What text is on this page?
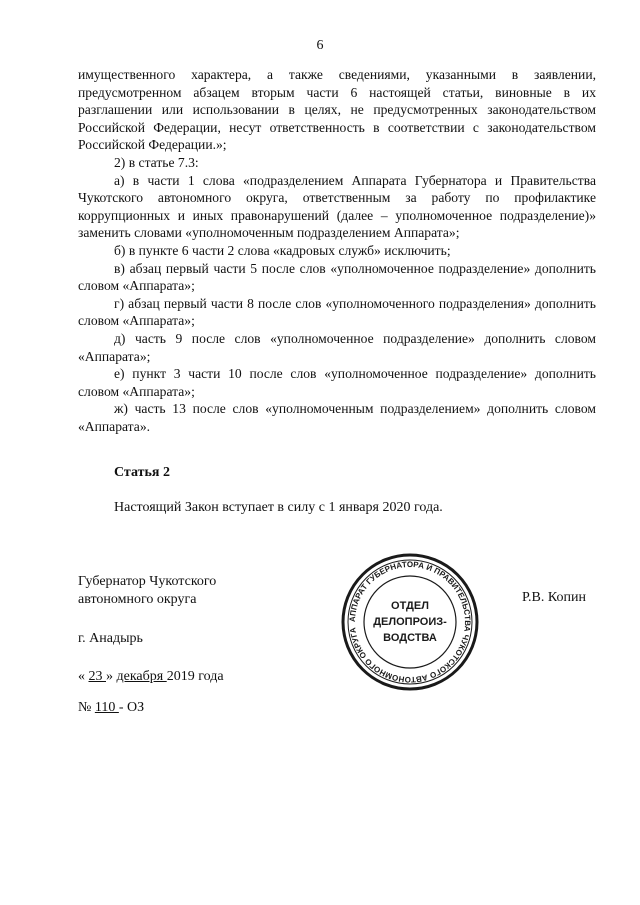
6

имущественного характера, а также сведениями, указанными в заявлении, предусмотренном абзацем вторым части 6 настоящей статьи, виновные в их разглашении или использовании в целях, не предусмотренных законодательством Российской Федерации, несут ответственность в соответствии с законодательством Российской Федерации.»;

2) в статье 7.3:

а) в части 1 слова «подразделением Аппарата Губернатора и Правительства Чукотского автономного округа, ответственным за работу по профилактике коррупционных и иных правонарушений (далее – уполномоченное подразделение)» заменить словами «уполномоченным подразделением Аппарата»;

б) в пункте 6 части 2 слова «кадровых служб» исключить;

в) абзац первый части 5 после слов «уполномоченное подразделение» дополнить словом «Аппарата»;

г) абзац первый части 8 после слов «уполномоченного подразделения» дополнить словом «Аппарата»;

д) часть 9 после слов «уполномоченное подразделение» дополнить словом «Аппарата»;

е) пункт 3 части 10 после слов «уполномоченное подразделение» дополнить словом «Аппарата»;

ж) часть 13 после слов «уполномоченным подразделением» дополнить словом «Аппарата».

Статья 2
Настоящий Закон вступает в силу с 1 января 2020 года.
Губернатор Чукотского
автономного округа	Р.В. Копин
АППАРАТ ГУБЕРНАТОРА И ПРАВИТЕЛЬСТВА ЧУКОТСКОГО АВТОНОМНОГО ОКРУГА
ОТДЕЛ
ДЕЛОПРОИЗ-
ВОДСТВА
г. Анадырь
« 23 » декабря 2019 года
№ 110 - ОЗ
